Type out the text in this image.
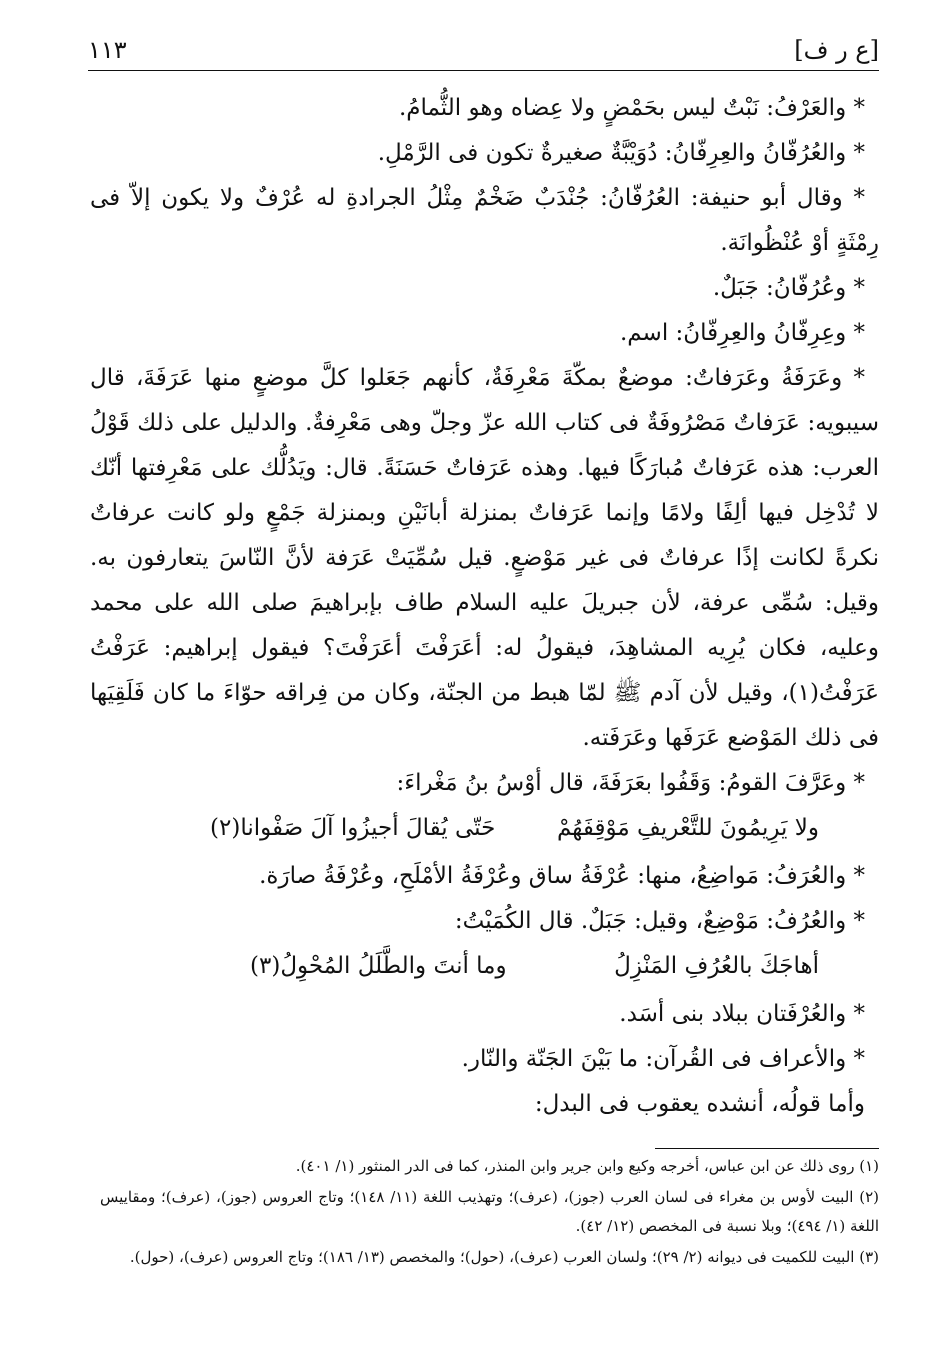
[ع ر ف]
١١٣

* والعَرْفُ: نَبْتٌ ليس بحَمْضٍ ولا عِضاه وهو الثُّمامُ.

* والعُرُفّانُ والعِرِفّانُ: دُوَيْبَّةٌ صغيرةٌ تكون فى الرَّمْلِ.

* وقال أبو حنيفة: العُرُفّانُ: جُنْدَبٌ ضَخْمٌ مِثْلُ الجرادةِ له عُرْفٌ ولا يكون إلاّ فى رِمْثَةٍ أوْ عُنْظُوانَة.

* وعُرُفّانُ: جَبَلٌ.

* وعِرِفّانُ والعِرِفّانُ: اسم.

* وعَرَفَةُ وعَرَفاتٌ: موضعٌ بمكّةَ مَعْرِفَةٌ، كأنهم جَعَلوا كلَّ موضعٍ منها عَرَفَةَ، قال سيبويه: عَرَفاتٌ مَصْرُوفَةٌ فى كتاب الله عزّ وجلّ وهى مَعْرِفةٌ. والدليل على ذلك قَوْلُ العرب: هذه عَرَفاتٌ مُبارَكًا فيها. وهذه عَرَفاتٌ حَسَنَةً. قال: ويَدُلُّك على مَعْرِفتها أنّك لا تُدْخِل فيها ألِفًا ولامًا وإنما عَرَفاتٌ بمنزلة أبانَيْنِ وبمنزلة جَمْعٍ ولو كانت عرفاتٌ نكرةً لكانت إذًا عرفاتٌ فى غير مَوْضعٍ. قيل سُمِّيَتْ عَرَفة لأنَّ النّاسَ يتعارفون به. وقيل: سُمِّى عرفة، لأن جبريلَ عليه السلام طاف بإبراهيمَ صلى الله على محمد وعليه، فكان يُرِيه المشاهِدَ، فيقولُ له: أعَرَفْتَ أعَرَفْتَ؟ فيقول إبراهيم: عَرَفْتُ عَرَفْتُ(١)، وقيل لأن آدم ﷺ لمّا هبط من الجنّة، وكان من فِراقه حوّاءَ ما كان فَلَقِيَها فى ذلك المَوْضع عَرَفَها وعَرَفَته.

* وعَرَّفَ القومُ: وَقَفُوا بعَرَفَةَ، قال أوْسُ بنُ مَغْراءَ:

ولا يَرِيمُونَ للتَّعْريفِ مَوْقِفَهُمْ
حَتّى يُقالَ أجيزُوا آلَ صَفْوانا(٢)

* والعُرَفُ: مَواضِعُ، منها: عُرْفَةُ ساق وعُرْفَةُ الأمْلَحِ، وعُرْفَةُ صارَة.

* والعُرُفُ: مَوْضِعٌ، وقيل: جَبَلٌ. قال الكُمَيْتُ:

أهاجَكَ بالعُرُفِ المَنْزِلُ
وما أنتَ والطَّلَلُ المُحْوِلُ(٣)

* والعُرْفَتان ببلاد بنى أسَد.

* والأعراف فى القُرآن: ما بَيْنَ الجَنّة والنّار.

وأما قولُه، أنشده يعقوب فى البدل:

(١) روى ذلك عن ابن عباس، أخرجه وكيع وابن جرير وابن المنذر، كما فى الدر المنثور (١/ ٤٠١).

(٢) البيت لأوس بن مغراء فى لسان العرب (جوز)، (عرف)؛ وتهذيب اللغة (١١/ ١٤٨)؛ وتاج العروس (جوز)، (عرف)؛ ومقاييس اللغة (١/ ٤٩٤)؛ وبلا نسبة فى المخصص (١٢/ ٤٢).

(٣) البيت للكميت فى ديوانه (٢/ ٢٩)؛ ولسان العرب (عرف)، (حول)؛ والمخصص (١٣/ ١٨٦)؛ وتاج العروس (عرف)، (حول).
